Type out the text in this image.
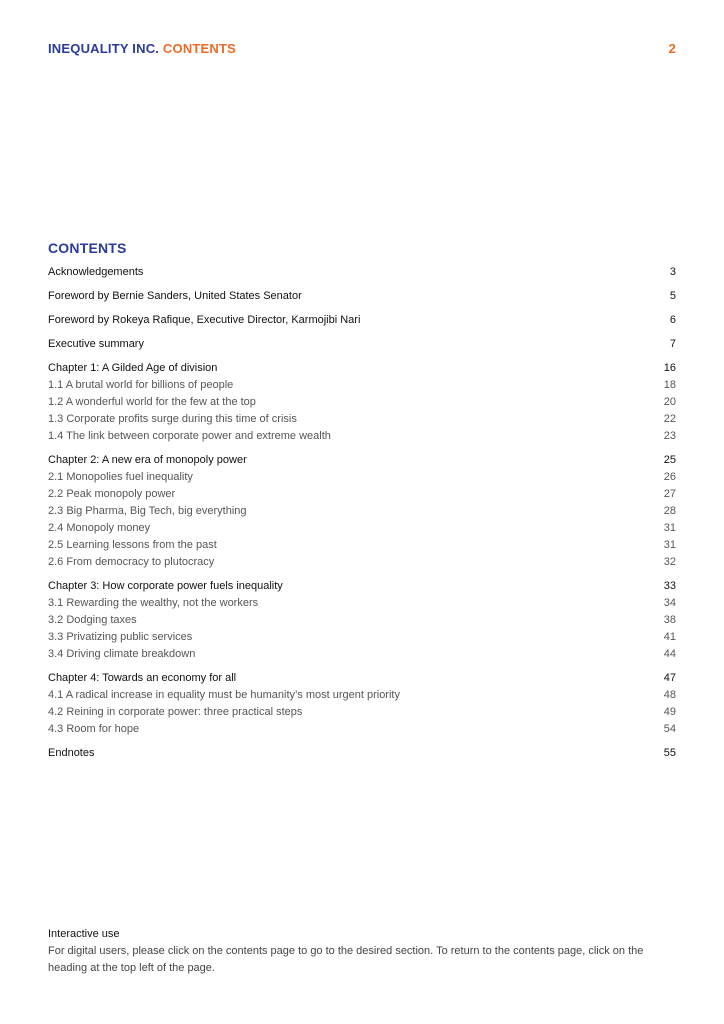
INEQUALITY INC. CONTENTS	2
CONTENTS
Acknowledgements	3
Foreword by Bernie Sanders, United States Senator	5
Foreword by Rokeya Rafique, Executive Director, Karmojibi Nari	6
Executive summary	7
Chapter 1: A Gilded Age of division	16
1.1 A brutal world for billions of people	18
1.2 A wonderful world for the few at the top	20
1.3 Corporate profits surge during this time of crisis	22
1.4 The link between corporate power and extreme wealth	23
Chapter 2: A new era of monopoly power	25
2.1 Monopolies fuel inequality	26
2.2 Peak monopoly power	27
2.3 Big Pharma, Big Tech, big everything	28
2.4 Monopoly money	31
2.5 Learning lessons from the past	31
2.6 From democracy to plutocracy	32
Chapter 3: How corporate power fuels inequality	33
3.1 Rewarding the wealthy, not the workers	34
3.2 Dodging taxes	38
3.3 Privatizing public services	41
3.4 Driving climate breakdown	44
Chapter 4: Towards an economy for all	47
4.1 A radical increase in equality must be humanity’s most urgent priority	48
4.2 Reining in corporate power: three practical steps	49
4.3 Room for hope	54
Endnotes	55
Interactive use
For digital users, please click on the contents page to go to the desired section. To return to the contents page, click on the heading at the top left of the page.
